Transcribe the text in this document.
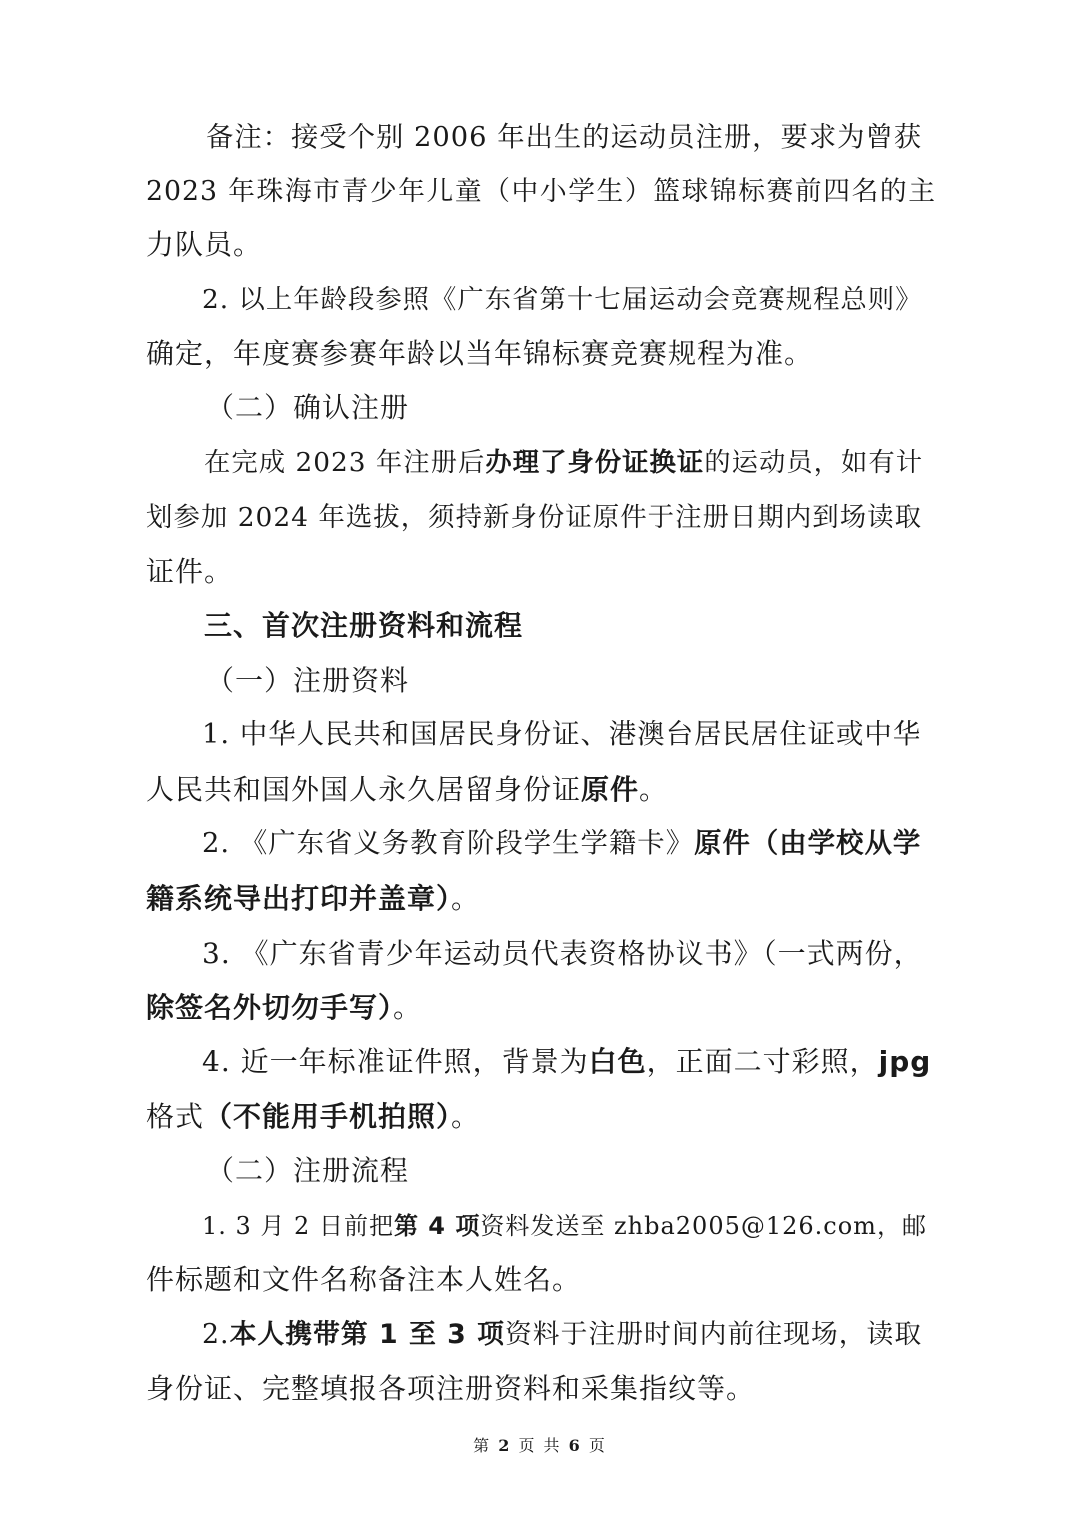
备注：接受个别 2006 年出生的运动员注册，要求为曾获
2023 年珠海市青少年儿童（中小学生）篮球锦标赛前四名的主
力队员。
2. 以上年龄段参照《广东省第十七届运动会竞赛规程总则》
确定，年度赛参赛年龄以当年锦标赛竞赛规程为准。
（二）确认注册
在完成 2023 年注册后办理了身份证换证的运动员，如有计
划参加 2024 年选拔，须持新身份证原件于注册日期内到场读取
证件。
三、首次注册资料和流程
（一）注册资料
1. 中华人民共和国居民身份证、港澳台居民居住证或中华
人民共和国外国人永久居留身份证原件。
2. 《广东省义务教育阶段学生学籍卡》原件（由学校从学
籍系统导出打印并盖章）。
3. 《广东省青少年运动员代表资格协议书》（一式两份，
除签名外切勿手写）。
4. 近一年标准证件照，背景为白色，正面二寸彩照，jpg
格式（不能用手机拍照）。
（二）注册流程
1. 3 月 2 日前把第 4 项资料发送至 zhba2005@126.com，邮
件标题和文件名称备注本人姓名。
2.本人携带第 1 至 3 项资料于注册时间内前往现场，读取
身份证、完整填报各项注册资料和采集指纹等。
第 2 页 共 6 页
